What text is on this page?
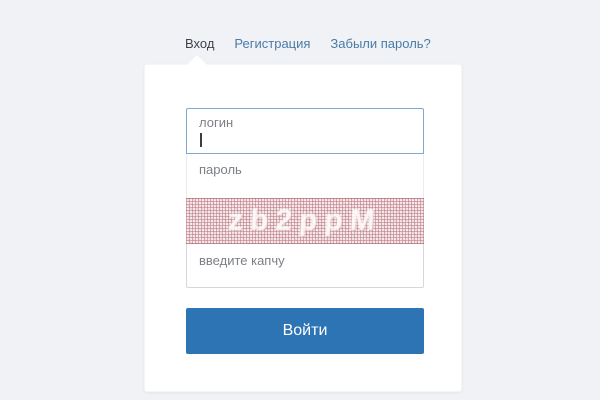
Вход Регистрация Забыли пароль?
логин
пароль
zb2ppM
введите капчу
Войти
